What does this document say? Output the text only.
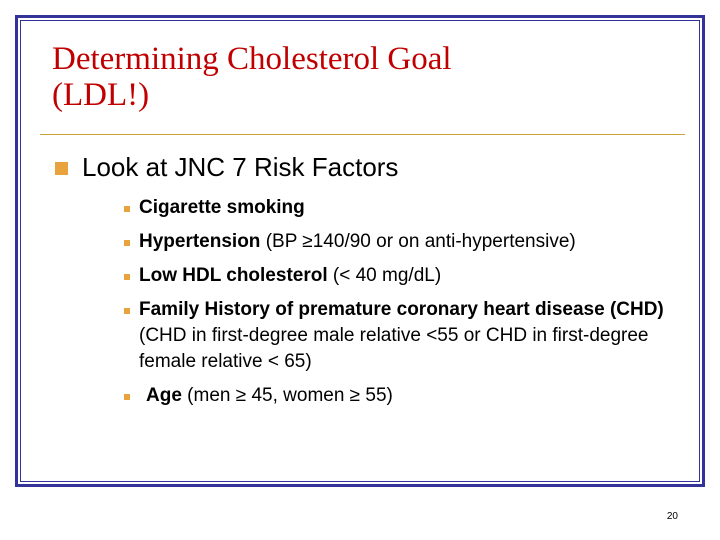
Determining Cholesterol Goal
(LDL!)
Look at JNC 7 Risk Factors
Cigarette smoking
Hypertension (BP ≥140/90 or on anti-hypertensive)
Low HDL cholesterol (< 40 mg/dL)
Family History of premature coronary heart disease (CHD) (CHD in first-degree male relative <55 or CHD in first-degree female relative < 65)
Age (men ≥ 45, women ≥ 55)
20
